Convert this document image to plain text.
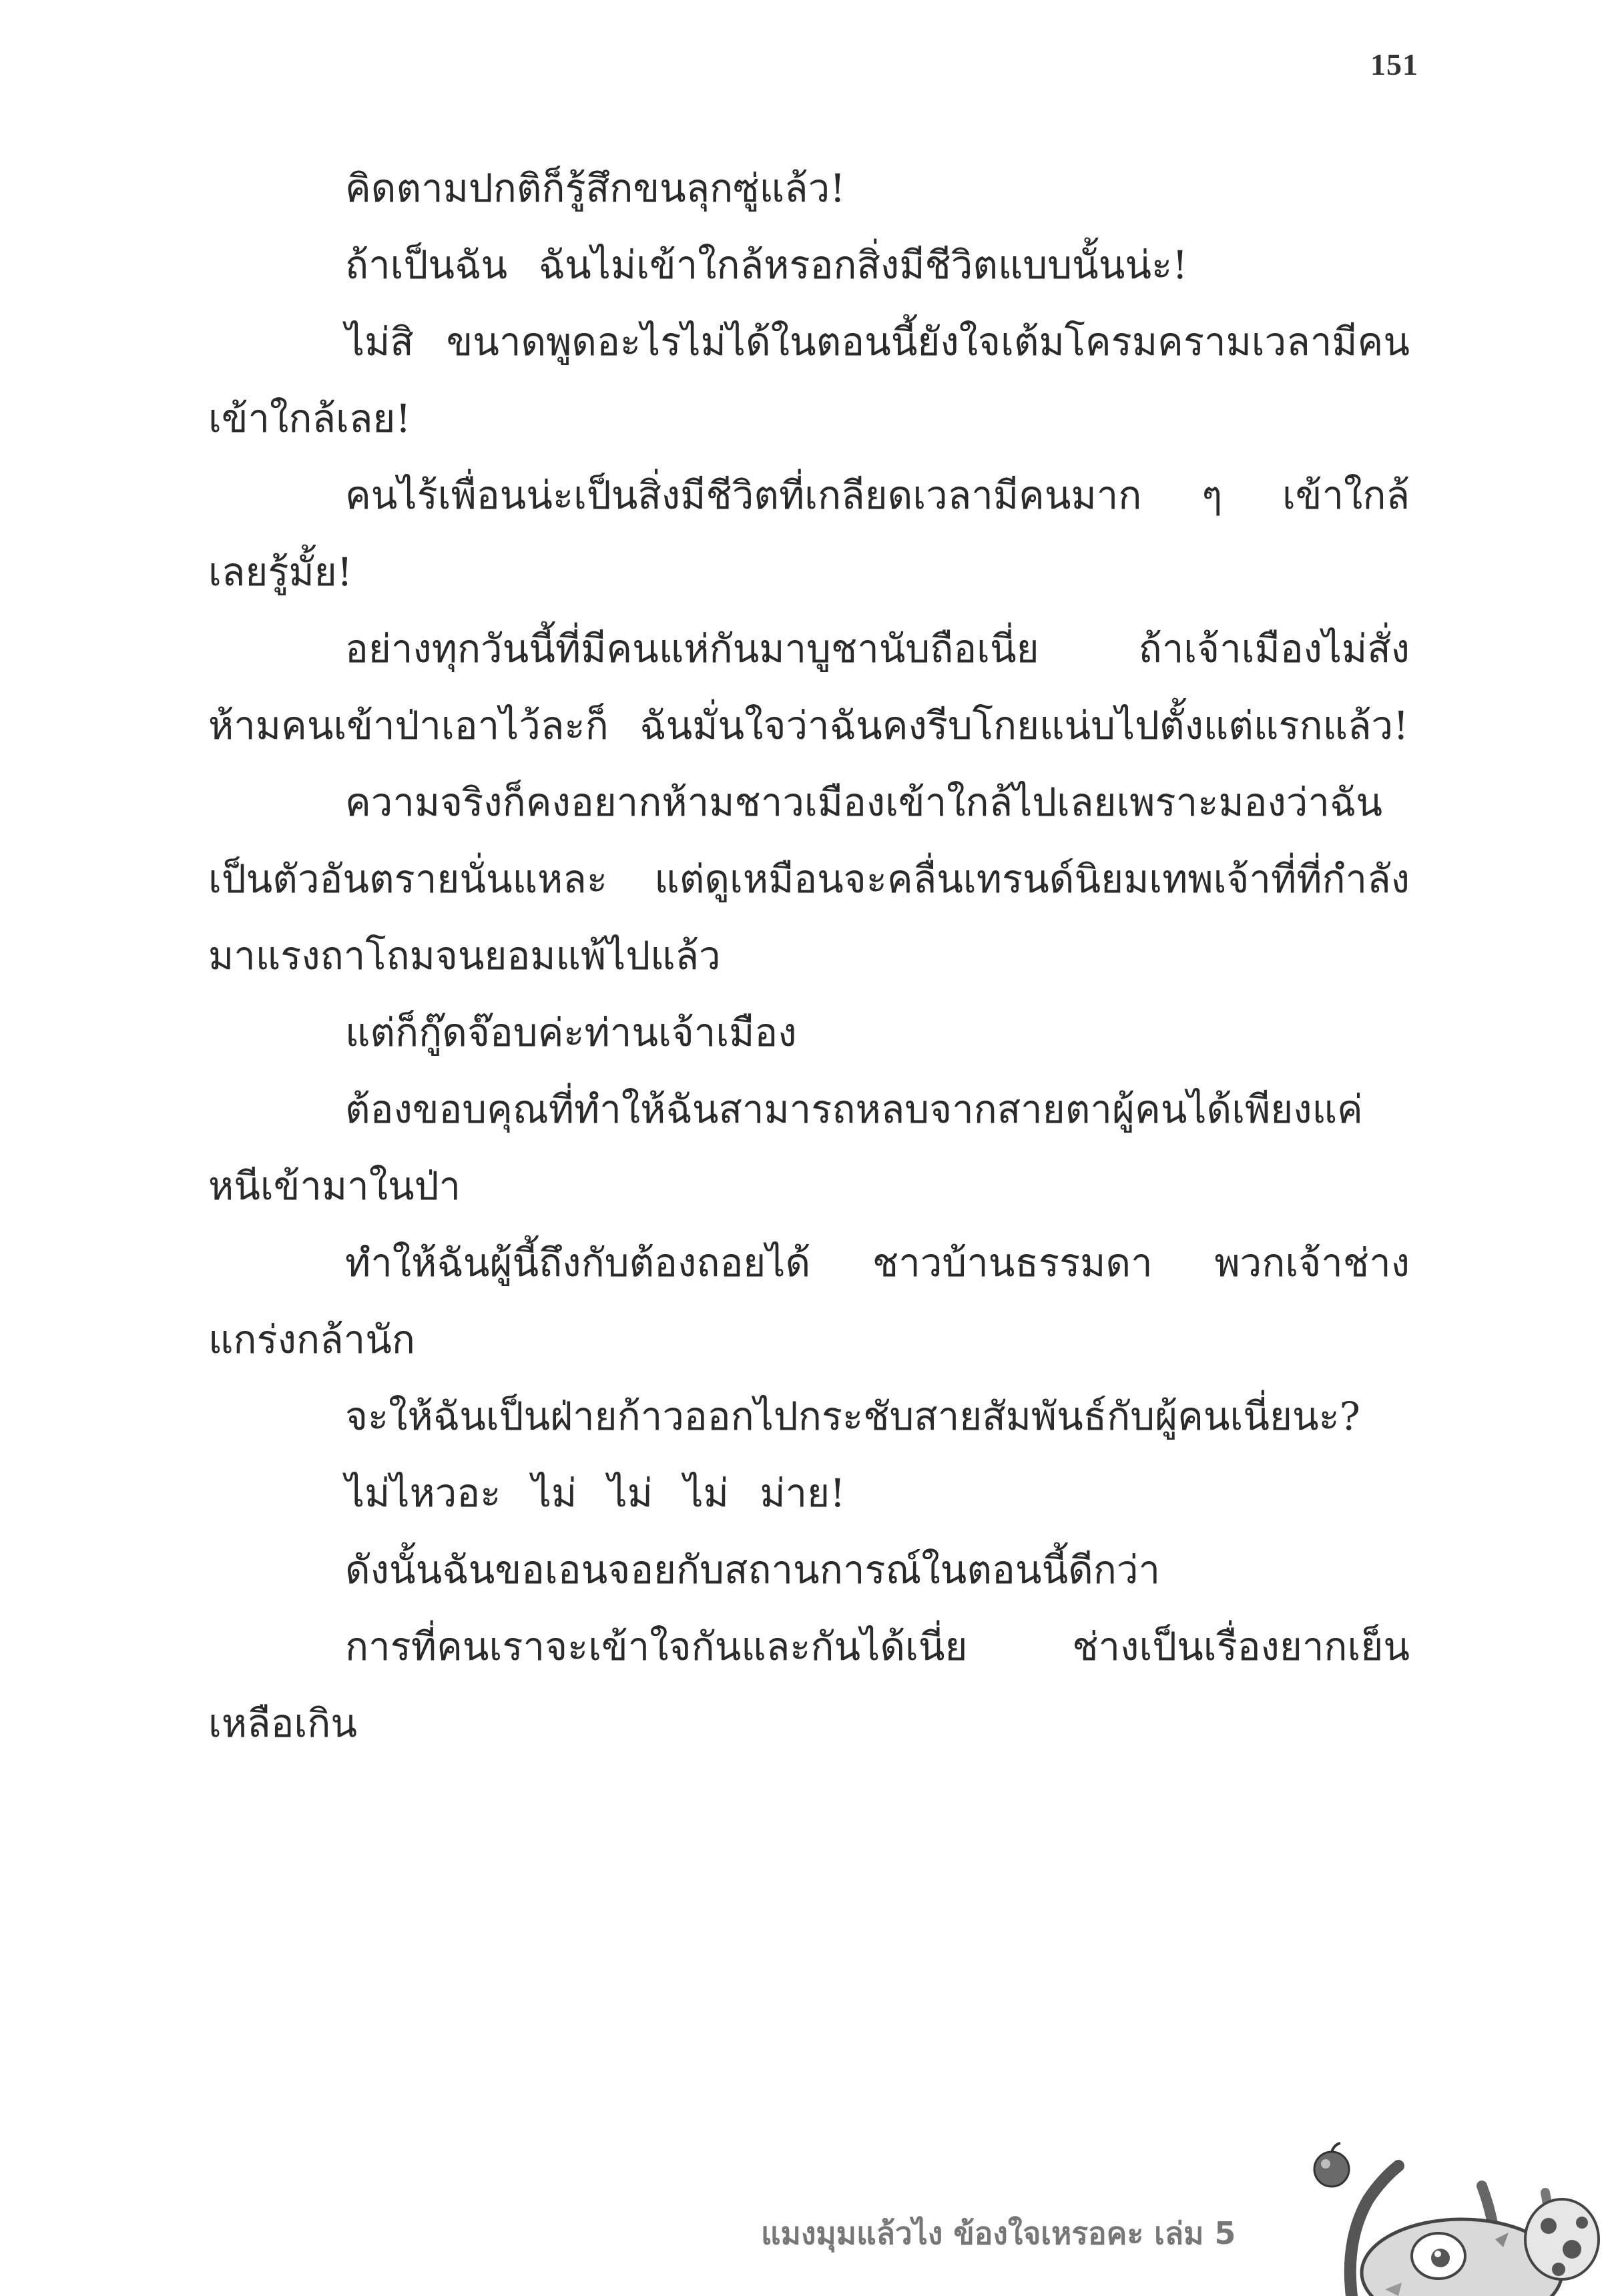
151

คิดตามปกติก็รู้สึกขนลุกซู่แล้ว!

ถ้าเป็นฉัน ฉันไม่เข้าใกล้หรอกสิ่งมีชีวิตแบบนั้นน่ะ!

ไม่สิ ขนาดพูดอะไรไม่ได้ในตอนนี้ยังใจเต้มโครมครามเวลามีคนเข้าใกล้เลย!

คนไร้เพื่อนน่ะเป็นสิ่งมีชีวิตที่เกลียดเวลามีคนมาก ๆ เข้าใกล้เลยรู้มั้ย!

อย่างทุกวันนี้ที่มีคนแห่กันมาบูชานับถือเนี่ย ถ้าเจ้าเมืองไม่สั่งห้ามคนเข้าป่าเอาไว้ละก็ ฉันมั่นใจว่าฉันคงรีบโกยแน่บไปตั้งแต่แรกแล้ว!

ความจริงก็คงอยากห้ามชาวเมืองเข้าใกล้ไปเลยเพราะมองว่าฉันเป็นตัวอันตรายนั่นแหละ แต่ดูเหมือนจะคลื่นเทรนด์นิยมเทพเจ้าที่ที่กำลังมาแรงถาโถมจนยอมแพ้ไปแล้ว

แต่ก็กู๊ดจ๊อบค่ะท่านเจ้าเมือง

ต้องขอบคุณที่ทำให้ฉันสามารถหลบจากสายตาผู้คนได้เพียงแค่หนีเข้ามาในป่า

ทำให้ฉันผู้นี้ถึงกับต้องถอยได้ ชาวบ้านธรรมดา พวกเจ้าช่างแกร่งกล้านัก

จะให้ฉันเป็นฝ่ายก้าวออกไปกระชับสายสัมพันธ์กับผู้คนเนี่ยนะ?

ไม่ไหวอะ ไม่ ไม่ ไม่ ม่าย!

ดังนั้นฉันขอเอนจอยกับสถานการณ์ในตอนนี้ดีกว่า

การที่คนเราจะเข้าใจกันและกันได้เนี่ย ช่างเป็นเรื่องยากเย็นเหลือเกิน

แมงมุมแล้วไง ข้องใจเหรอคะ เล่ม 5
